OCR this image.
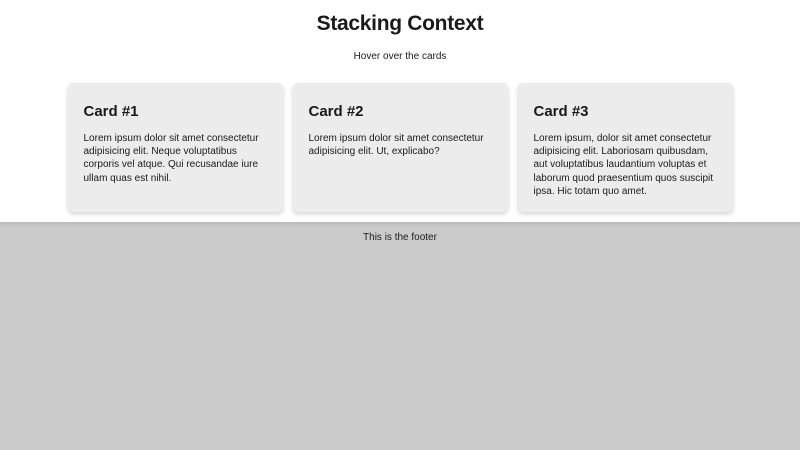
Stacking Context

Hover over the cards

Card #1

Lorem ipsum dolor sit amet consectetur adipisicing elit. Neque voluptatibus corporis vel atque. Qui recusandae iure ullam quas est nihil.

Card #2

Lorem ipsum dolor sit amet consectetur adipisicing elit. Ut, explicabo?

Card #3

Lorem ipsum, dolor sit amet consectetur adipisicing elit. Laboriosam quibusdam, aut voluptatibus laudantium voluptas et laborum quod praesentium quos suscipit ipsa. Hic totam quo amet.

This is the footer
